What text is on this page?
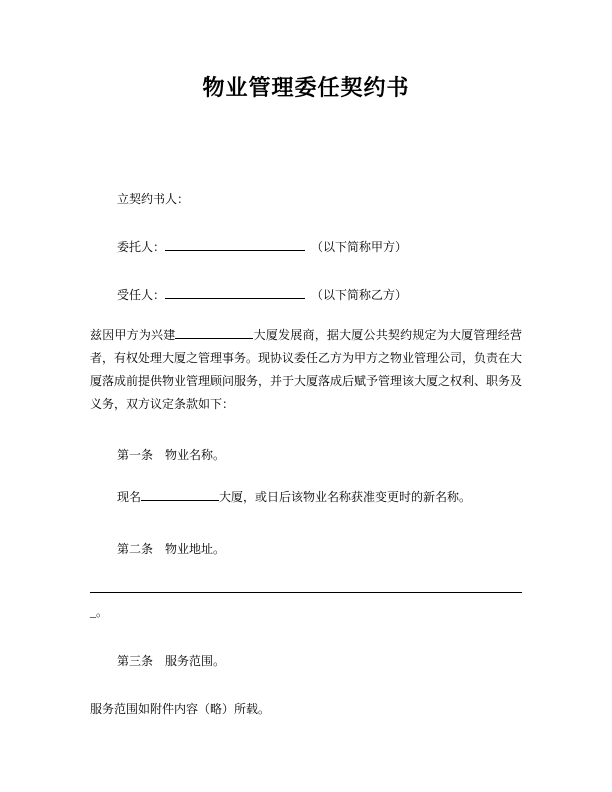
物业管理委任契约书

立契约书人：

委托人：	（以下简称甲方）

受任人：	（以下简称乙方）

兹因甲方为兴建	大厦发展商，据大厦公共契约规定为大厦管理经营者，有权处理大厦之管理事务。现协议委任乙方为甲方之物业管理公司，负责在大厦落成前提供物业管理顾问服务，并于大厦落成后赋予管理该大厦之权利、职务及义务，双方议定条款如下：

第一条　物业名称。

现名	大厦，或日后该物业名称获准变更时的新名称。

第二条　物业地址。

_。

第三条　服务范围。

服务范围如附件内容（略）所载。
